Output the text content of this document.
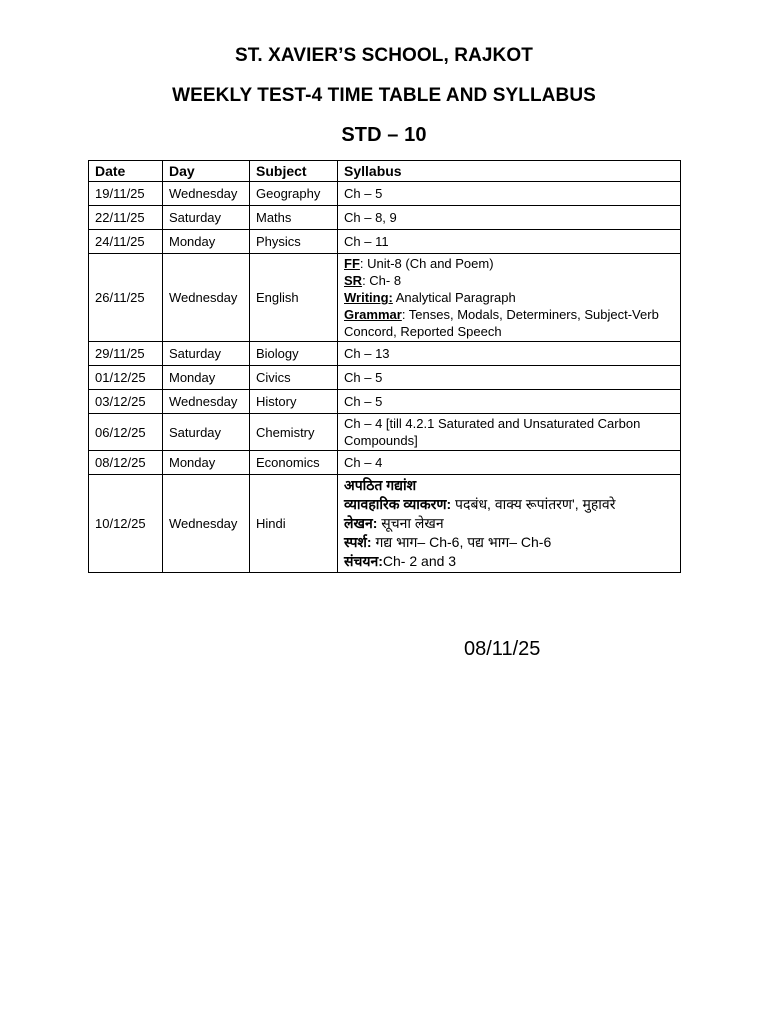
ST. XAVIER’S SCHOOL, RAJKOT
WEEKLY TEST-4 TIME TABLE AND SYLLABUS
STD – 10
Date	Day	Subject	Syllabus
19/11/25	Wednesday	Geography	Ch – 5
22/11/25	Saturday	Maths	Ch – 8, 9
24/11/25	Monday	Physics	Ch – 11
26/11/25	Wednesday	English	FF: Unit-8 (Ch and Poem)
SR: Ch- 8
Writing: Analytical Paragraph
Grammar: Tenses, Modals, Determiners, Subject-Verb Concord, Reported Speech

29/11/25	Saturday	Biology	Ch – 13
01/12/25	Monday	Civics	Ch – 5
03/12/25	Wednesday	History	Ch – 5
06/12/25	Saturday	Chemistry	Ch – 4 [till 4.2.1 Saturated and Unsaturated Carbon Compounds]
08/12/25	Monday	Economics	Ch – 4
10/12/25	Wednesday	Hindi	अपठित गद्यांश
व्यावहारिक व्याकरण: पदबंध, वाक्य रूपांतरण', मुहावरे
लेखन: सूचना लेखन
स्पर्श: गद्य भाग– Ch-6, पद्य भाग– Ch-6
संचयन:Ch- 2 and 3
08/11/25
